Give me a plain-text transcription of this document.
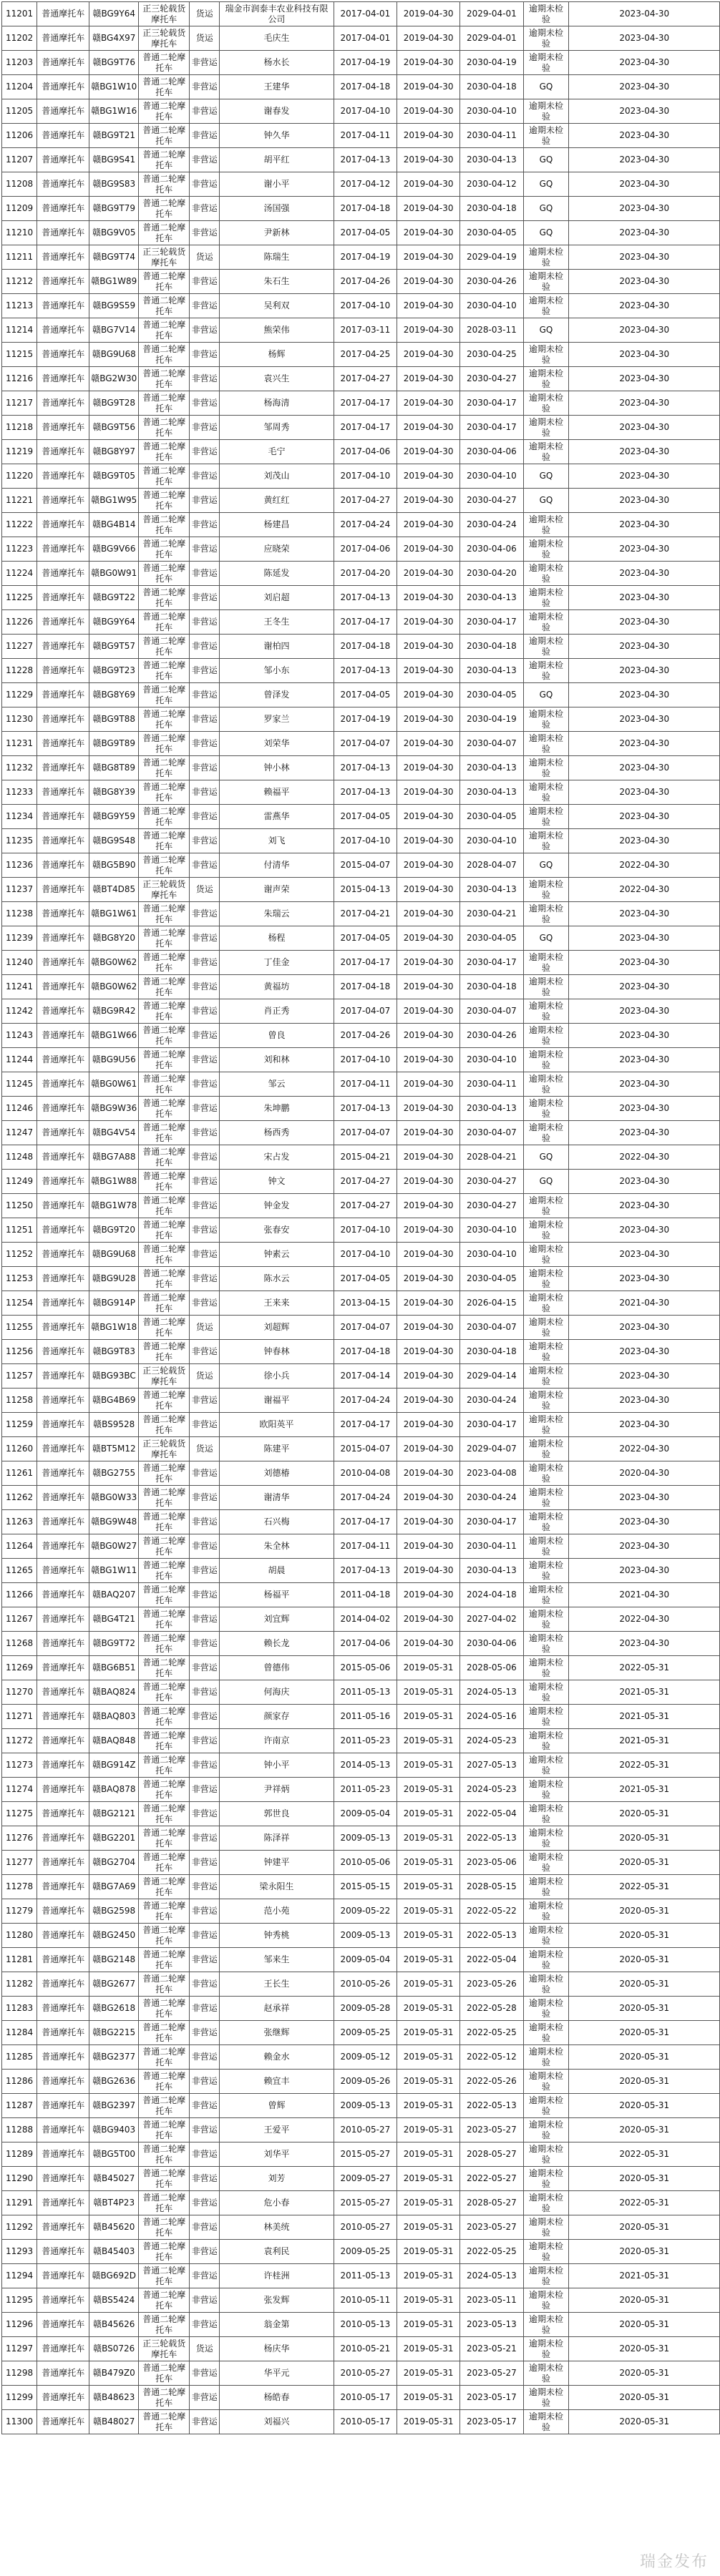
11201	普通摩托车	赣BG9Y64	正三轮载货摩托车	货运	瑞金市润泰丰农业科技有限公司	2017-04-01	2019-04-30	2029-04-01	逾期未检验	2023-04-30
11202	普通摩托车	赣BG4X97	正三轮载货摩托车	货运	毛庆生	2017-04-01	2019-04-30	2029-04-01	逾期未检验	2023-04-30
11203	普通摩托车	赣BG9T76	普通二轮摩托车	非营运	杨水长	2017-04-19	2019-04-30	2030-04-19	逾期未检验	2023-04-30
11204	普通摩托车	赣BG1W10	普通二轮摩托车	非营运	王建华	2017-04-18	2019-04-30	2030-04-18	GQ	2023-04-30
11205	普通摩托车	赣BG1W16	普通二轮摩托车	非营运	谢春发	2017-04-10	2019-04-30	2030-04-10	逾期未检验	2023-04-30
11206	普通摩托车	赣BG9T21	普通二轮摩托车	非营运	钟久华	2017-04-11	2019-04-30	2030-04-11	逾期未检验	2023-04-30
11207	普通摩托车	赣BG9S41	普通二轮摩托车	非营运	胡平红	2017-04-13	2019-04-30	2030-04-13	GQ	2023-04-30
11208	普通摩托车	赣BG9S83	普通二轮摩托车	非营运	谢小平	2017-04-12	2019-04-30	2030-04-12	GQ	2023-04-30
11209	普通摩托车	赣BG9T79	普通二轮摩托车	非营运	汤国强	2017-04-18	2019-04-30	2030-04-18	GQ	2023-04-30
11210	普通摩托车	赣BG9V05	普通二轮摩托车	非营运	尹新林	2017-04-05	2019-04-30	2030-04-05	GQ	2023-04-30
11211	普通摩托车	赣BG9T74	正三轮载货摩托车	货运	陈瑞生	2017-04-19	2019-04-30	2029-04-19	逾期未检验	2023-04-30
11212	普通摩托车	赣BG1W89	普通二轮摩托车	非营运	朱石生	2017-04-26	2019-04-30	2030-04-26	逾期未检验	2023-04-30
11213	普通摩托车	赣BG9S59	普通二轮摩托车	非营运	吴利双	2017-04-10	2019-04-30	2030-04-10	逾期未检验	2023-04-30
11214	普通摩托车	赣BG7V14	普通二轮摩托车	非营运	熊荣伟	2017-03-11	2019-04-30	2028-03-11	GQ	2023-04-30
11215	普通摩托车	赣BG9U68	普通二轮摩托车	非营运	杨辉	2017-04-25	2019-04-30	2030-04-25	逾期未检验	2023-04-30
11216	普通摩托车	赣BG2W30	普通二轮摩托车	非营运	袁兴生	2017-04-27	2019-04-30	2030-04-27	逾期未检验	2023-04-30
11217	普通摩托车	赣BG9T28	普通二轮摩托车	非营运	杨海清	2017-04-17	2019-04-30	2030-04-17	逾期未检验	2023-04-30
11218	普通摩托车	赣BG9T56	普通二轮摩托车	非营运	邹周秀	2017-04-17	2019-04-30	2030-04-17	逾期未检验	2023-04-30
11219	普通摩托车	赣BG8Y97	普通二轮摩托车	非营运	毛宁	2017-04-06	2019-04-30	2030-04-06	逾期未检验	2023-04-30
11220	普通摩托车	赣BG9T05	普通二轮摩托车	非营运	刘茂山	2017-04-10	2019-04-30	2030-04-10	GQ	2023-04-30
11221	普通摩托车	赣BG1W95	普通二轮摩托车	非营运	黄红红	2017-04-27	2019-04-30	2030-04-27	GQ	2023-04-30
11222	普通摩托车	赣BG4B14	普通二轮摩托车	非营运	杨建昌	2017-04-24	2019-04-30	2030-04-24	逾期未检验	2023-04-30
11223	普通摩托车	赣BG9V66	普通二轮摩托车	非营运	应晓荣	2017-04-06	2019-04-30	2030-04-06	逾期未检验	2023-04-30
11224	普通摩托车	赣BG0W91	普通二轮摩托车	非营运	陈延发	2017-04-20	2019-04-30	2030-04-20	逾期未检验	2023-04-30
11225	普通摩托车	赣BG9T22	普通二轮摩托车	非营运	刘启超	2017-04-13	2019-04-30	2030-04-13	逾期未检验	2023-04-30
11226	普通摩托车	赣BG9Y64	普通二轮摩托车	非营运	王冬生	2017-04-17	2019-04-30	2030-04-17	逾期未检验	2023-04-30
11227	普通摩托车	赣BG9T57	普通二轮摩托车	非营运	谢柏四	2017-04-18	2019-04-30	2030-04-18	逾期未检验	2023-04-30
11228	普通摩托车	赣BG9T23	普通二轮摩托车	非营运	邹小东	2017-04-13	2019-04-30	2030-04-13	逾期未检验	2023-04-30
11229	普通摩托车	赣BG8Y69	普通二轮摩托车	非营运	曾泽发	2017-04-05	2019-04-30	2030-04-05	GQ	2023-04-30
11230	普通摩托车	赣BG9T88	普通二轮摩托车	非营运	罗家兰	2017-04-19	2019-04-30	2030-04-19	逾期未检验	2023-04-30
11231	普通摩托车	赣BG9T89	普通二轮摩托车	非营运	刘荣华	2017-04-07	2019-04-30	2030-04-07	逾期未检验	2023-04-30
11232	普通摩托车	赣BG8T89	普通二轮摩托车	非营运	钟小林	2017-04-13	2019-04-30	2030-04-13	逾期未检验	2023-04-30
11233	普通摩托车	赣BG8Y39	普通二轮摩托车	非营运	赖福平	2017-04-13	2019-04-30	2030-04-13	逾期未检验	2023-04-30
11234	普通摩托车	赣BG9Y59	普通二轮摩托车	非营运	雷燕华	2017-04-05	2019-04-30	2030-04-05	逾期未检验	2023-04-30
11235	普通摩托车	赣BG9S48	普通二轮摩托车	非营运	刘飞	2017-04-10	2019-04-30	2030-04-10	逾期未检验	2023-04-30
11236	普通摩托车	赣BG5B90	普通二轮摩托车	非营运	付清华	2015-04-07	2019-04-30	2028-04-07	GQ	2022-04-30
11237	普通摩托车	赣BT4D85	正三轮载货摩托车	货运	谢声荣	2015-04-13	2019-04-30	2030-04-13	逾期未检验	2022-04-30
11238	普通摩托车	赣BG1W61	普通二轮摩托车	非营运	朱瑞云	2017-04-21	2019-04-30	2030-04-21	逾期未检验	2023-04-30
11239	普通摩托车	赣BG8Y20	普通二轮摩托车	非营运	杨程	2017-04-05	2019-04-30	2030-04-05	GQ	2023-04-30
11240	普通摩托车	赣BG0W62	普通二轮摩托车	非营运	丁佳金	2017-04-17	2019-04-30	2030-04-17	逾期未检验	2023-04-30
11241	普通摩托车	赣BG0W62	普通二轮摩托车	非营运	黄福坊	2017-04-18	2019-04-30	2030-04-18	逾期未检验	2023-04-30
11242	普通摩托车	赣BG9R42	普通二轮摩托车	非营运	肖正秀	2017-04-07	2019-04-30	2030-04-07	逾期未检验	2023-04-30
11243	普通摩托车	赣BG1W66	普通二轮摩托车	非营运	曾良	2017-04-26	2019-04-30	2030-04-26	逾期未检验	2023-04-30
11244	普通摩托车	赣BG9U56	普通二轮摩托车	非营运	刘和林	2017-04-10	2019-04-30	2030-04-10	逾期未检验	2023-04-30
11245	普通摩托车	赣BG0W61	普通二轮摩托车	非营运	邹云	2017-04-11	2019-04-30	2030-04-11	逾期未检验	2023-04-30
11246	普通摩托车	赣BG9W36	普通二轮摩托车	非营运	朱坤鹏	2017-04-13	2019-04-30	2030-04-13	逾期未检验	2023-04-30
11247	普通摩托车	赣BG4V54	普通二轮摩托车	非营运	杨西秀	2017-04-07	2019-04-30	2030-04-07	逾期未检验	2023-04-30
11248	普通摩托车	赣BG7A88	普通二轮摩托车	非营运	宋占发	2015-04-21	2019-04-30	2028-04-21	GQ	2022-04-30
11249	普通摩托车	赣BG1W88	普通二轮摩托车	非营运	钟文	2017-04-27	2019-04-30	2030-04-27	GQ	2023-04-30
11250	普通摩托车	赣BG1W78	普通二轮摩托车	非营运	钟金发	2017-04-27	2019-04-30	2030-04-27	逾期未检验	2023-04-30
11251	普通摩托车	赣BG9T20	普通二轮摩托车	非营运	张春安	2017-04-10	2019-04-30	2030-04-10	逾期未检验	2023-04-30
11252	普通摩托车	赣BG9U68	普通二轮摩托车	非营运	钟素云	2017-04-10	2019-04-30	2030-04-10	逾期未检验	2023-04-30
11253	普通摩托车	赣BG9U28	普通二轮摩托车	非营运	陈水云	2017-04-05	2019-04-30	2030-04-05	逾期未检验	2023-04-30
11254	普通摩托车	赣BG914P	普通二轮摩托车	非营运	王来来	2013-04-15	2019-04-30	2026-04-15	逾期未检验	2021-04-30
11255	普通摩托车	赣BG1W18	普通二轮摩托车	货运	刘超辉	2017-04-07	2019-04-30	2030-04-07	逾期未检验	2023-04-30
11256	普通摩托车	赣BG9T83	普通二轮摩托车	非营运	钟春林	2017-04-18	2019-04-30	2030-04-18	逾期未检验	2023-04-30
11257	普通摩托车	赣BG93BC	正三轮载货摩托车	货运	徐小兵	2017-04-14	2019-04-30	2029-04-14	逾期未检验	2023-04-30
11258	普通摩托车	赣BG4B69	普通二轮摩托车	非营运	谢福平	2017-04-24	2019-04-30	2030-04-24	逾期未检验	2023-04-30
11259	普通摩托车	赣BS9528	普通二轮摩托车	非营运	欧阳英平	2017-04-17	2019-04-30	2030-04-17	逾期未检验	2023-04-30
11260	普通摩托车	赣BT5M12	正三轮载货摩托车	货运	陈建平	2015-04-07	2019-04-30	2029-04-07	逾期未检验	2022-04-30
11261	普通摩托车	赣BG2755	普通二轮摩托车	非营运	刘德椿	2010-04-08	2019-04-30	2023-04-08	逾期未检验	2020-04-30
11262	普通摩托车	赣BG0W33	普通二轮摩托车	非营运	谢清华	2017-04-24	2019-04-30	2030-04-24	逾期未检验	2023-04-30
11263	普通摩托车	赣BG9W48	普通二轮摩托车	非营运	石兴梅	2017-04-17	2019-04-30	2030-04-17	逾期未检验	2023-04-30
11264	普通摩托车	赣BG0W27	普通二轮摩托车	非营运	朱全林	2017-04-11	2019-04-30	2030-04-11	逾期未检验	2023-04-30
11265	普通摩托车	赣BG1W11	普通二轮摩托车	非营运	胡晨	2017-04-13	2019-04-30	2030-04-13	逾期未检验	2023-04-30
11266	普通摩托车	赣BAQ207	普通二轮摩托车	非营运	杨福平	2011-04-18	2019-04-30	2024-04-18	逾期未检验	2021-04-30
11267	普通摩托车	赣BG4T21	普通二轮摩托车	非营运	刘宜辉	2014-04-02	2019-04-30	2027-04-02	逾期未检验	2022-04-30
11268	普通摩托车	赣BG9T72	普通二轮摩托车	非营运	赖长龙	2017-04-06	2019-04-30	2030-04-06	逾期未检验	2023-04-30
11269	普通摩托车	赣BG6B51	普通二轮摩托车	非营运	曾德伟	2015-05-06	2019-05-31	2028-05-06	逾期未检验	2022-05-31
11270	普通摩托车	赣BAQ824	普通二轮摩托车	非营运	何海庆	2011-05-13	2019-05-31	2024-05-13	逾期未检验	2021-05-31
11271	普通摩托车	赣BAQ803	普通二轮摩托车	非营运	颜家存	2011-05-16	2019-05-31	2024-05-16	逾期未检验	2021-05-31
11272	普通摩托车	赣BAQ848	普通二轮摩托车	非营运	许南京	2011-05-23	2019-05-31	2024-05-23	逾期未检验	2021-05-31
11273	普通摩托车	赣BG914Z	普通二轮摩托车	非营运	钟小平	2014-05-13	2019-05-31	2027-05-13	逾期未检验	2022-05-31
11274	普通摩托车	赣BAQ878	普通二轮摩托车	非营运	尹祥炳	2011-05-23	2019-05-31	2024-05-23	逾期未检验	2021-05-31
11275	普通摩托车	赣BG2121	普通二轮摩托车	非营运	郭世良	2009-05-04	2019-05-31	2022-05-04	逾期未检验	2020-05-31
11276	普通摩托车	赣BG2201	普通二轮摩托车	非营运	陈泽祥	2009-05-13	2019-05-31	2022-05-13	逾期未检验	2020-05-31
11277	普通摩托车	赣BG2704	普通二轮摩托车	非营运	钟建平	2010-05-06	2019-05-31	2023-05-06	逾期未检验	2020-05-31
11278	普通摩托车	赣BG7A69	普通二轮摩托车	非营运	梁永阳生	2015-05-15	2019-05-31	2028-05-15	逾期未检验	2022-05-31
11279	普通摩托车	赣BG2598	普通二轮摩托车	非营运	范小苑	2009-05-22	2019-05-31	2022-05-22	逾期未检验	2020-05-31
11280	普通摩托车	赣BG2450	普通二轮摩托车	非营运	钟秀桃	2009-05-13	2019-05-31	2022-05-13	逾期未检验	2020-05-31
11281	普通摩托车	赣BG2148	普通二轮摩托车	非营运	邹来生	2009-05-04	2019-05-31	2022-05-04	逾期未检验	2020-05-31
11282	普通摩托车	赣BG2677	普通二轮摩托车	非营运	王长生	2010-05-26	2019-05-31	2023-05-26	逾期未检验	2020-05-31
11283	普通摩托车	赣BG2618	普通二轮摩托车	非营运	赵承祥	2009-05-28	2019-05-31	2022-05-28	逾期未检验	2020-05-31
11284	普通摩托车	赣BG2215	普通二轮摩托车	非营运	张继辉	2009-05-25	2019-05-31	2022-05-25	逾期未检验	2020-05-31
11285	普通摩托车	赣BG2377	普通二轮摩托车	非营运	赖金水	2009-05-12	2019-05-31	2022-05-12	逾期未检验	2020-05-31
11286	普通摩托车	赣BG2636	普通二轮摩托车	非营运	赖宜丰	2009-05-26	2019-05-31	2022-05-26	逾期未检验	2020-05-31
11287	普通摩托车	赣BG2397	普通二轮摩托车	非营运	曾辉	2009-05-13	2019-05-31	2022-05-13	逾期未检验	2020-05-31
11288	普通摩托车	赣BG9403	普通二轮摩托车	非营运	王爱平	2010-05-27	2019-05-31	2023-05-27	逾期未检验	2020-05-31
11289	普通摩托车	赣BG5T00	普通二轮摩托车	非营运	刘华平	2015-05-27	2019-05-31	2028-05-27	逾期未检验	2022-05-31
11290	普通摩托车	赣B45027	普通二轮摩托车	非营运	刘芳	2009-05-27	2019-05-31	2022-05-27	逾期未检验	2020-05-31
11291	普通摩托车	赣BT4P23	普通二轮摩托车	非营运	危小春	2015-05-27	2019-05-31	2028-05-27	逾期未检验	2022-05-31
11292	普通摩托车	赣B45620	普通二轮摩托车	非营运	林美统	2010-05-27	2019-05-31	2023-05-27	逾期未检验	2020-05-31
11293	普通摩托车	赣B45403	普通二轮摩托车	非营运	袁利民	2009-05-25	2019-05-31	2022-05-25	逾期未检验	2020-05-31
11294	普通摩托车	赣BG692D	普通二轮摩托车	非营运	许桂洲	2011-05-13	2019-05-31	2024-05-13	逾期未检验	2021-05-31
11295	普通摩托车	赣BS5424	普通二轮摩托车	非营运	张发辉	2010-05-11	2019-05-31	2023-05-11	逾期未检验	2020-05-31
11296	普通摩托车	赣B45626	普通二轮摩托车	非营运	翁金第	2010-05-13	2019-05-31	2023-05-13	逾期未检验	2020-05-31
11297	普通摩托车	赣BS0726	正三轮载货摩托车	货运	杨庆华	2010-05-21	2019-05-31	2023-05-21	逾期未检验	2020-05-31
11298	普通摩托车	赣B479Z0	普通二轮摩托车	非营运	华平元	2010-05-27	2019-05-31	2023-05-27	逾期未检验	2020-05-31
11299	普通摩托车	赣B48623	普通二轮摩托车	非营运	杨皓春	2010-05-17	2019-05-31	2023-05-17	逾期未检验	2020-05-31
11300	普通摩托车	赣B48027	普通二轮摩托车	非营运	刘福兴	2010-05-17	2019-05-31	2023-05-17	逾期未检验	2020-05-31
瑞金发布
